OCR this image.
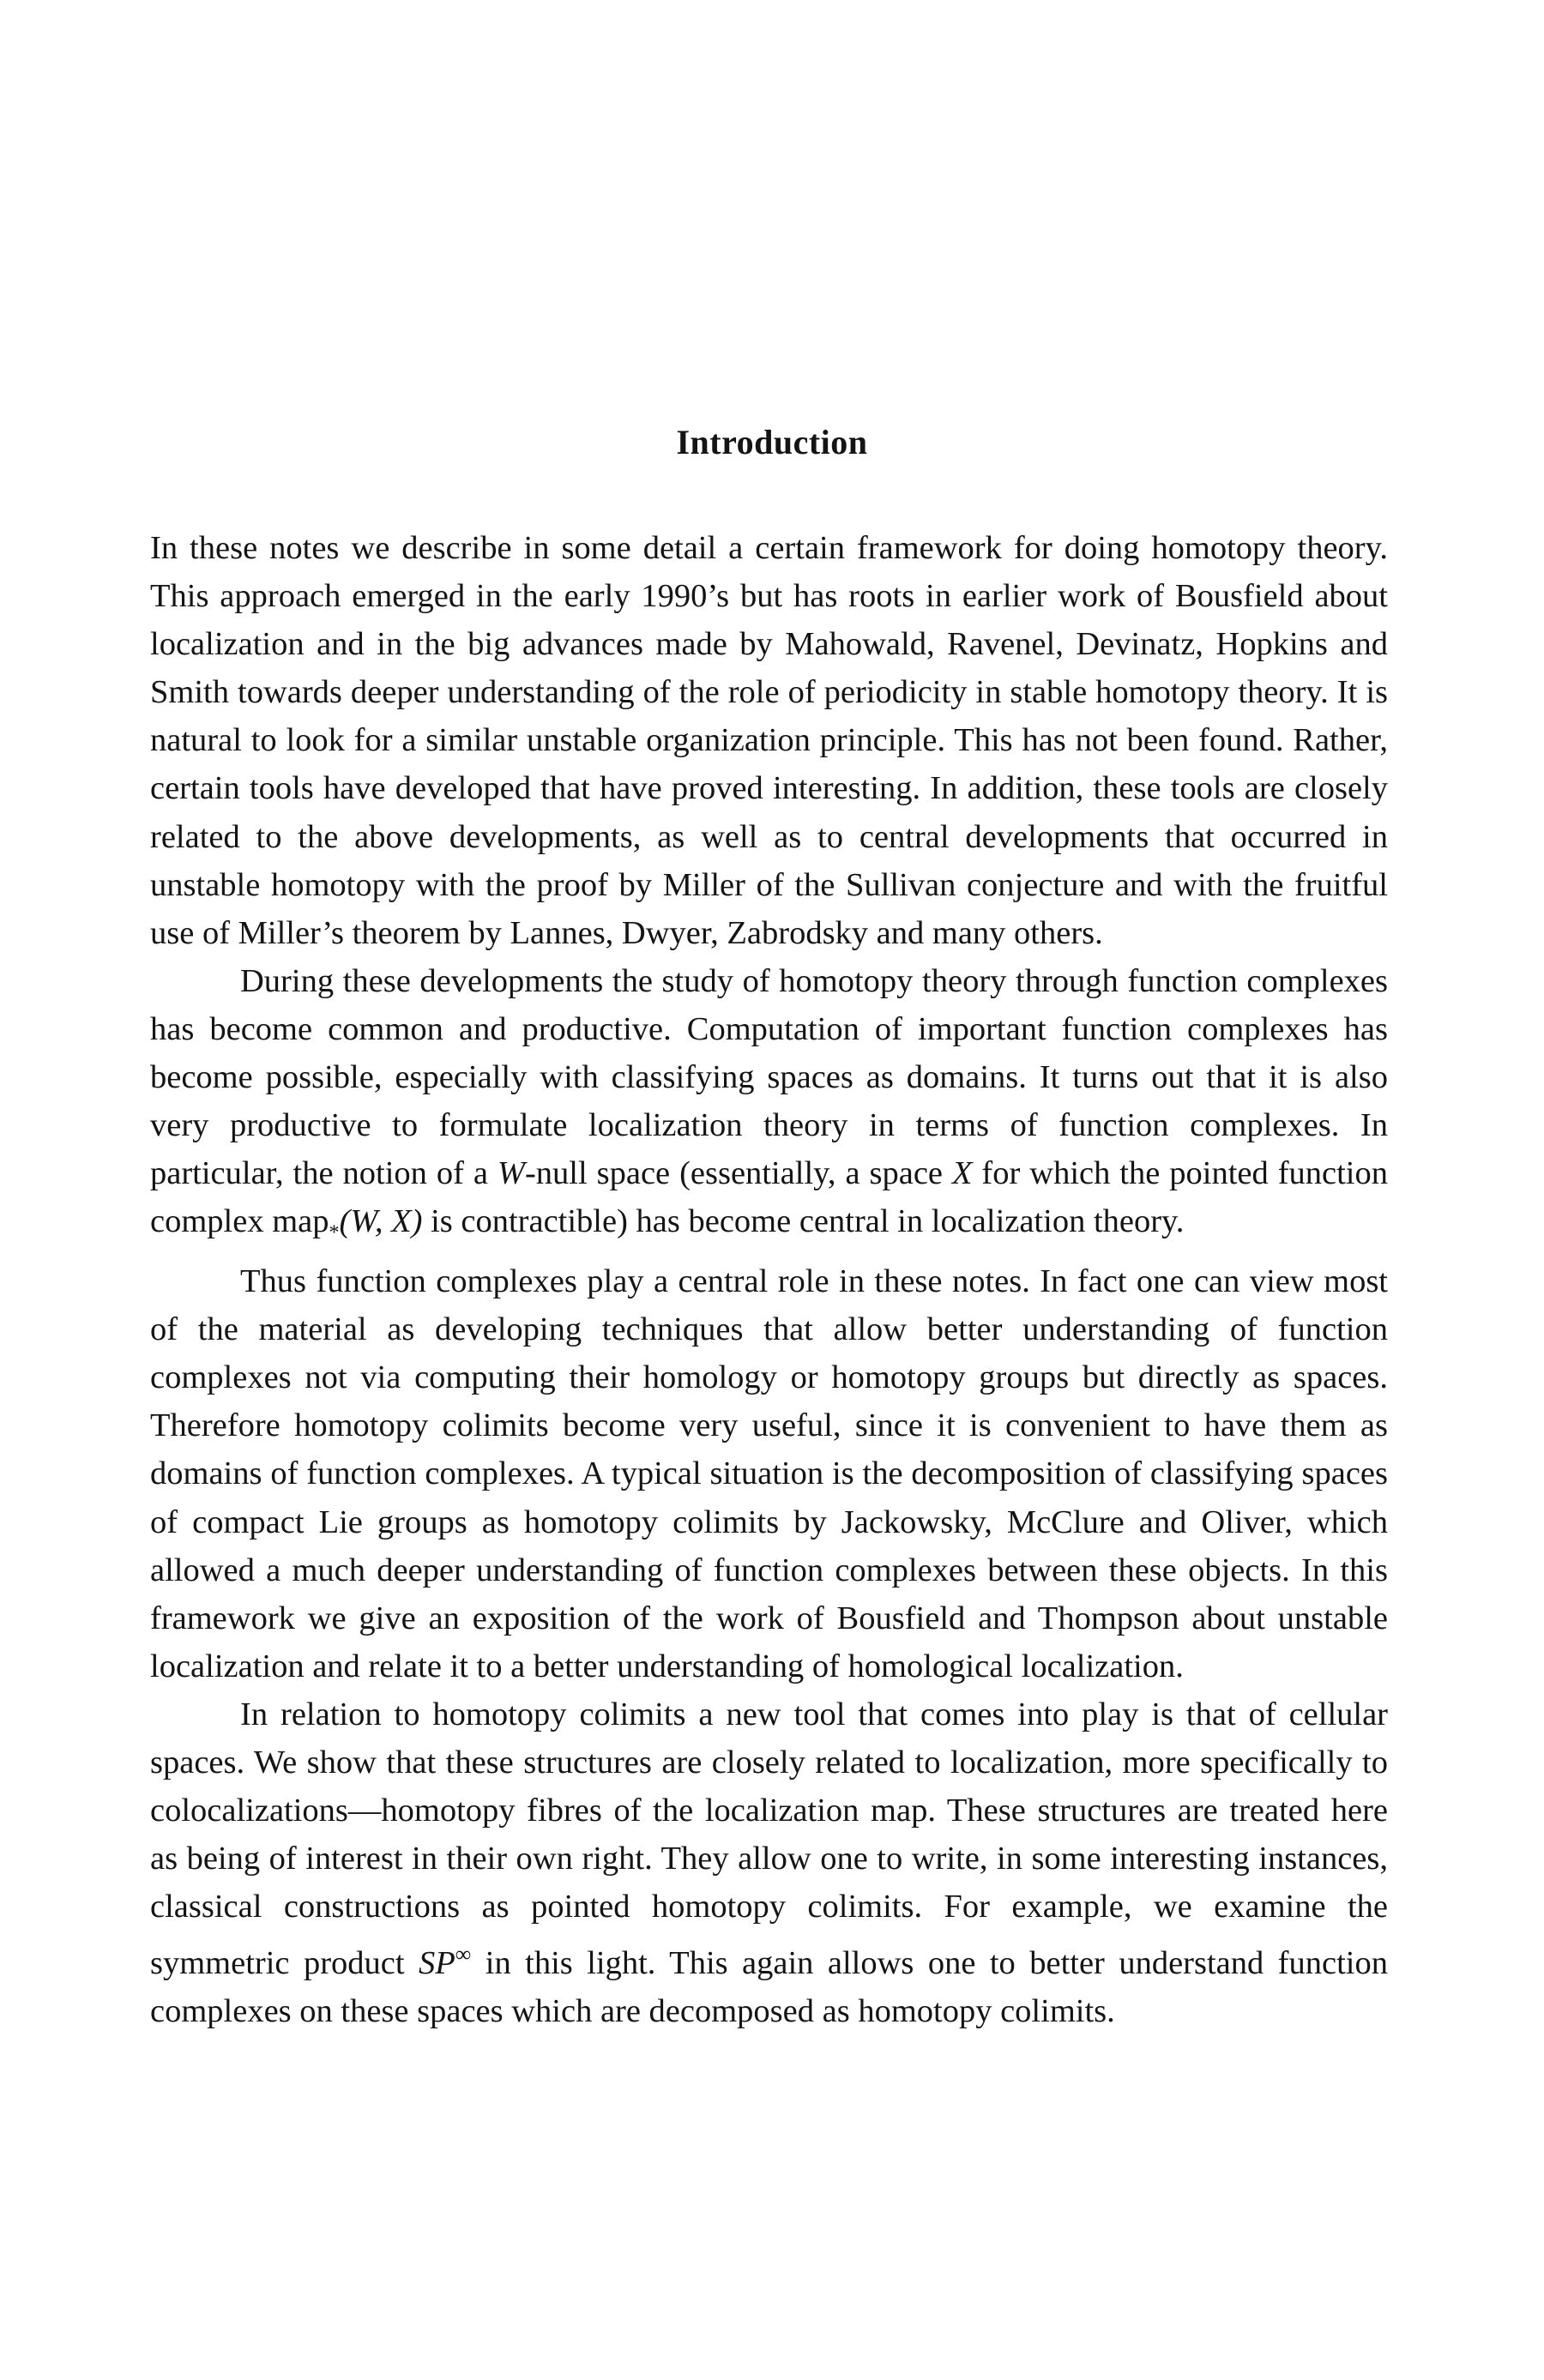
Introduction

In these notes we describe in some detail a certain framework for doing homotopy theory. This approach emerged in the early 1990’s but has roots in earlier work of Bousfield about localization and in the big advances made by Mahowald, Ravenel, Devinatz, Hopkins and Smith towards deeper understanding of the role of periodicity in stable homotopy theory. It is natural to look for a similar unstable organization principle. This has not been found. Rather, certain tools have developed that have proved interesting. In addition, these tools are closely related to the above developments, as well as to central developments that occurred in unstable homotopy with the proof by Miller of the Sullivan conjecture and with the fruitful use of Miller’s theorem by Lannes, Dwyer, Zabrodsky and many others.

During these developments the study of homotopy theory through function complexes has become common and productive. Computation of important function complexes has become possible, especially with classifying spaces as domains. It turns out that it is also very productive to formulate localization theory in terms of function complexes. In particular, the notion of a W-null space (essentially, a space X for which the pointed function complex map$_*$(W, X) is contractible) has become central in localization theory.

Thus function complexes play a central role in these notes. In fact one can view most of the material as developing techniques that allow better understanding of function complexes not via computing their homology or homotopy groups but directly as spaces. Therefore homotopy colimits become very useful, since it is convenient to have them as domains of function complexes. A typical situation is the decomposition of classifying spaces of compact Lie groups as homotopy colimits by Jackowsky, McClure and Oliver, which allowed a much deeper understanding of function complexes between these objects. In this framework we give an exposition of the work of Bousfield and Thompson about unstable localization and relate it to a better understanding of homological localization.

In relation to homotopy colimits a new tool that comes into play is that of cellular spaces. We show that these structures are closely related to localization, more specifically to colocalizations—homotopy fibres of the localization map. These structures are treated here as being of interest in their own right. They allow one to write, in some interesting instances, classical constructions as pointed homotopy colimits. For example, we examine the symmetric product SP∞ in this light. This again allows one to better understand function complexes on these spaces which are decomposed as homotopy colimits.
